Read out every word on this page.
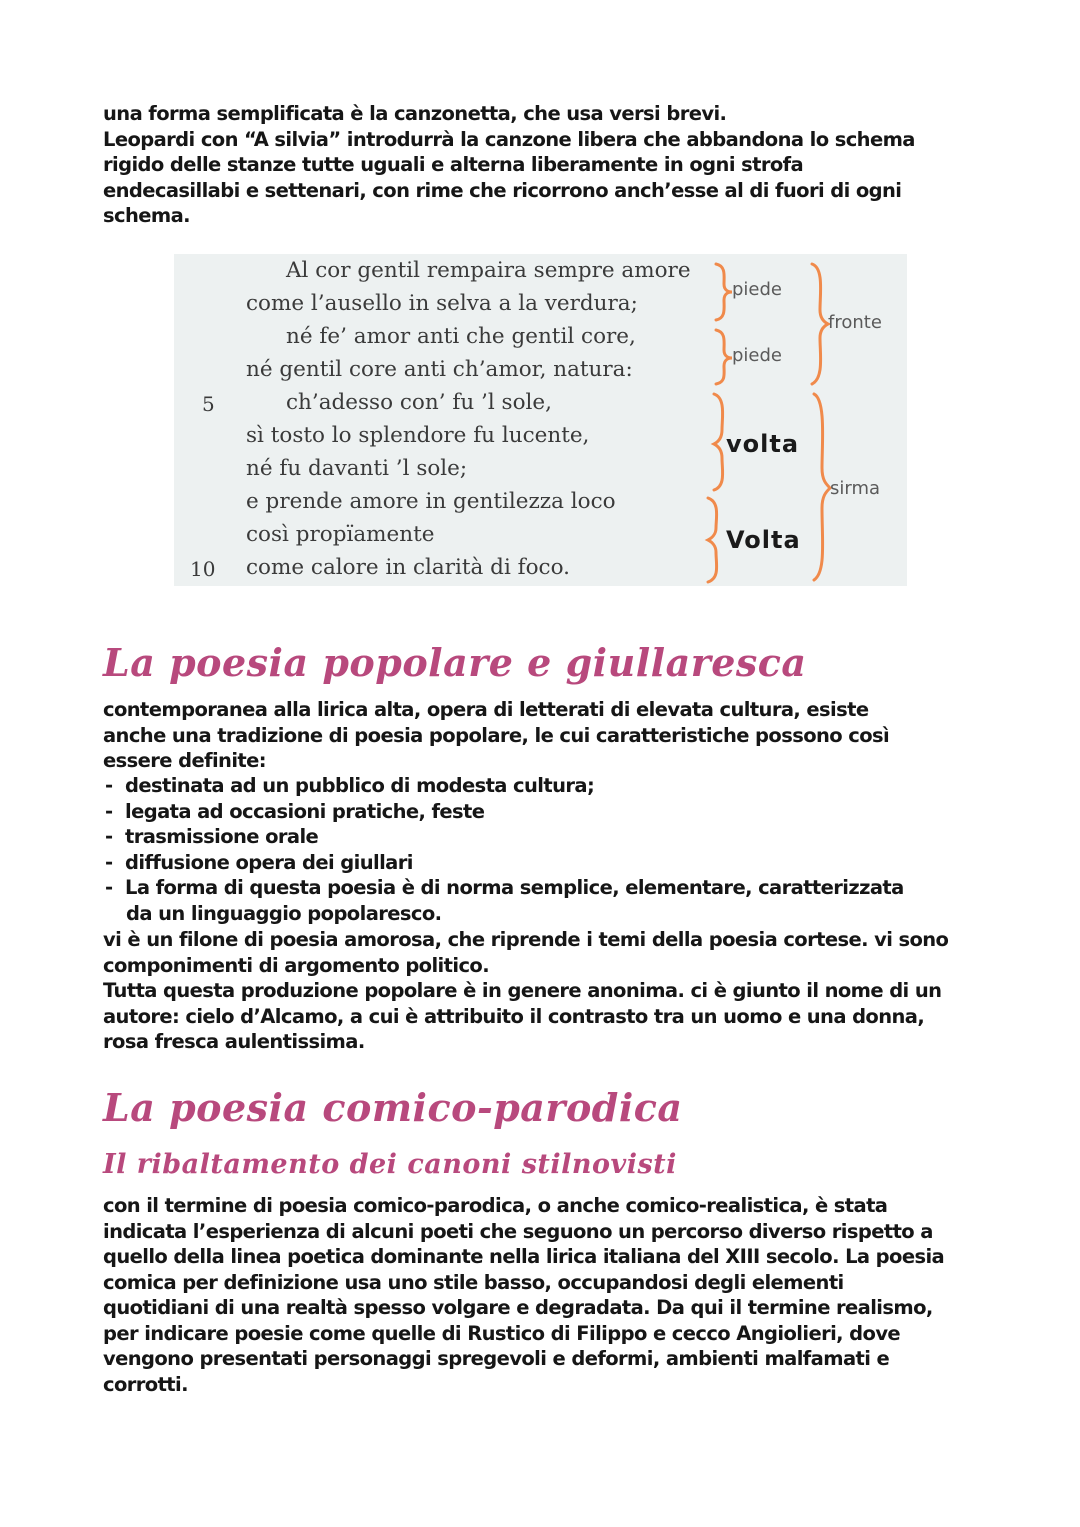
una forma semplificata è la canzonetta, che usa versi brevi.
Leopardi con “A silvia” introdurrà la canzone libera che abbandona lo schema
rigido delle stanze tutte uguali e alterna liberamente in ogni strofa
endecasillabi e settenari, con rime che ricorrono anch’esse al di fuori di ogni
schema.

Al cor gentil rempaira sempre amore

come l’ausello in selva a la verdura;

né fe’ amor anti che gentil core,

né gentil core anti ch’amor, natura:

ch’adesso con’ fu ’l sole,

sì tosto lo splendore fu lucente,

né fu davanti ’l sole;

e prende amore in gentilezza loco

così propïamente

come calore in clarità di foco.

5

10

piede

piede

fronte

sirma

volta

Volta

La poesia popolare e giullaresca
contemporanea alla lirica alta, opera di letterati di elevata cultura, esiste
anche una tradizione di poesia popolare, le cui caratteristiche possono così
essere definite:
- destinata ad un pubblico di modesta cultura;
- legata ad occasioni pratiche, feste
- trasmissione orale
- diffusione opera dei giullari
- La forma di questa poesia è di norma semplice, elementare, caratterizzata
da un linguaggio popolaresco.
vi è un filone di poesia amorosa, che riprende i temi della poesia cortese. vi sono
componimenti di argomento politico.
Tutta questa produzione popolare è in genere anonima. ci è giunto il nome di un
autore: cielo d’Alcamo, a cui è attribuito il contrasto tra un uomo e una donna,
rosa fresca aulentissima.
La poesia comico-parodica
Il ribaltamento dei canoni stilnovisti
con il termine di poesia comico-parodica, o anche comico-realistica, è stata
indicata l’esperienza di alcuni poeti che seguono un percorso diverso rispetto a
quello della linea poetica dominante nella lirica italiana del XIII secolo. La poesia
comica per definizione usa uno stile basso, occupandosi degli elementi
quotidiani di una realtà spesso volgare e degradata. Da qui il termine realismo,
per indicare poesie come quelle di Rustico di Filippo e cecco Angiolieri, dove
vengono presentati personaggi spregevoli e deformi, ambienti malfamati e
corrotti.
